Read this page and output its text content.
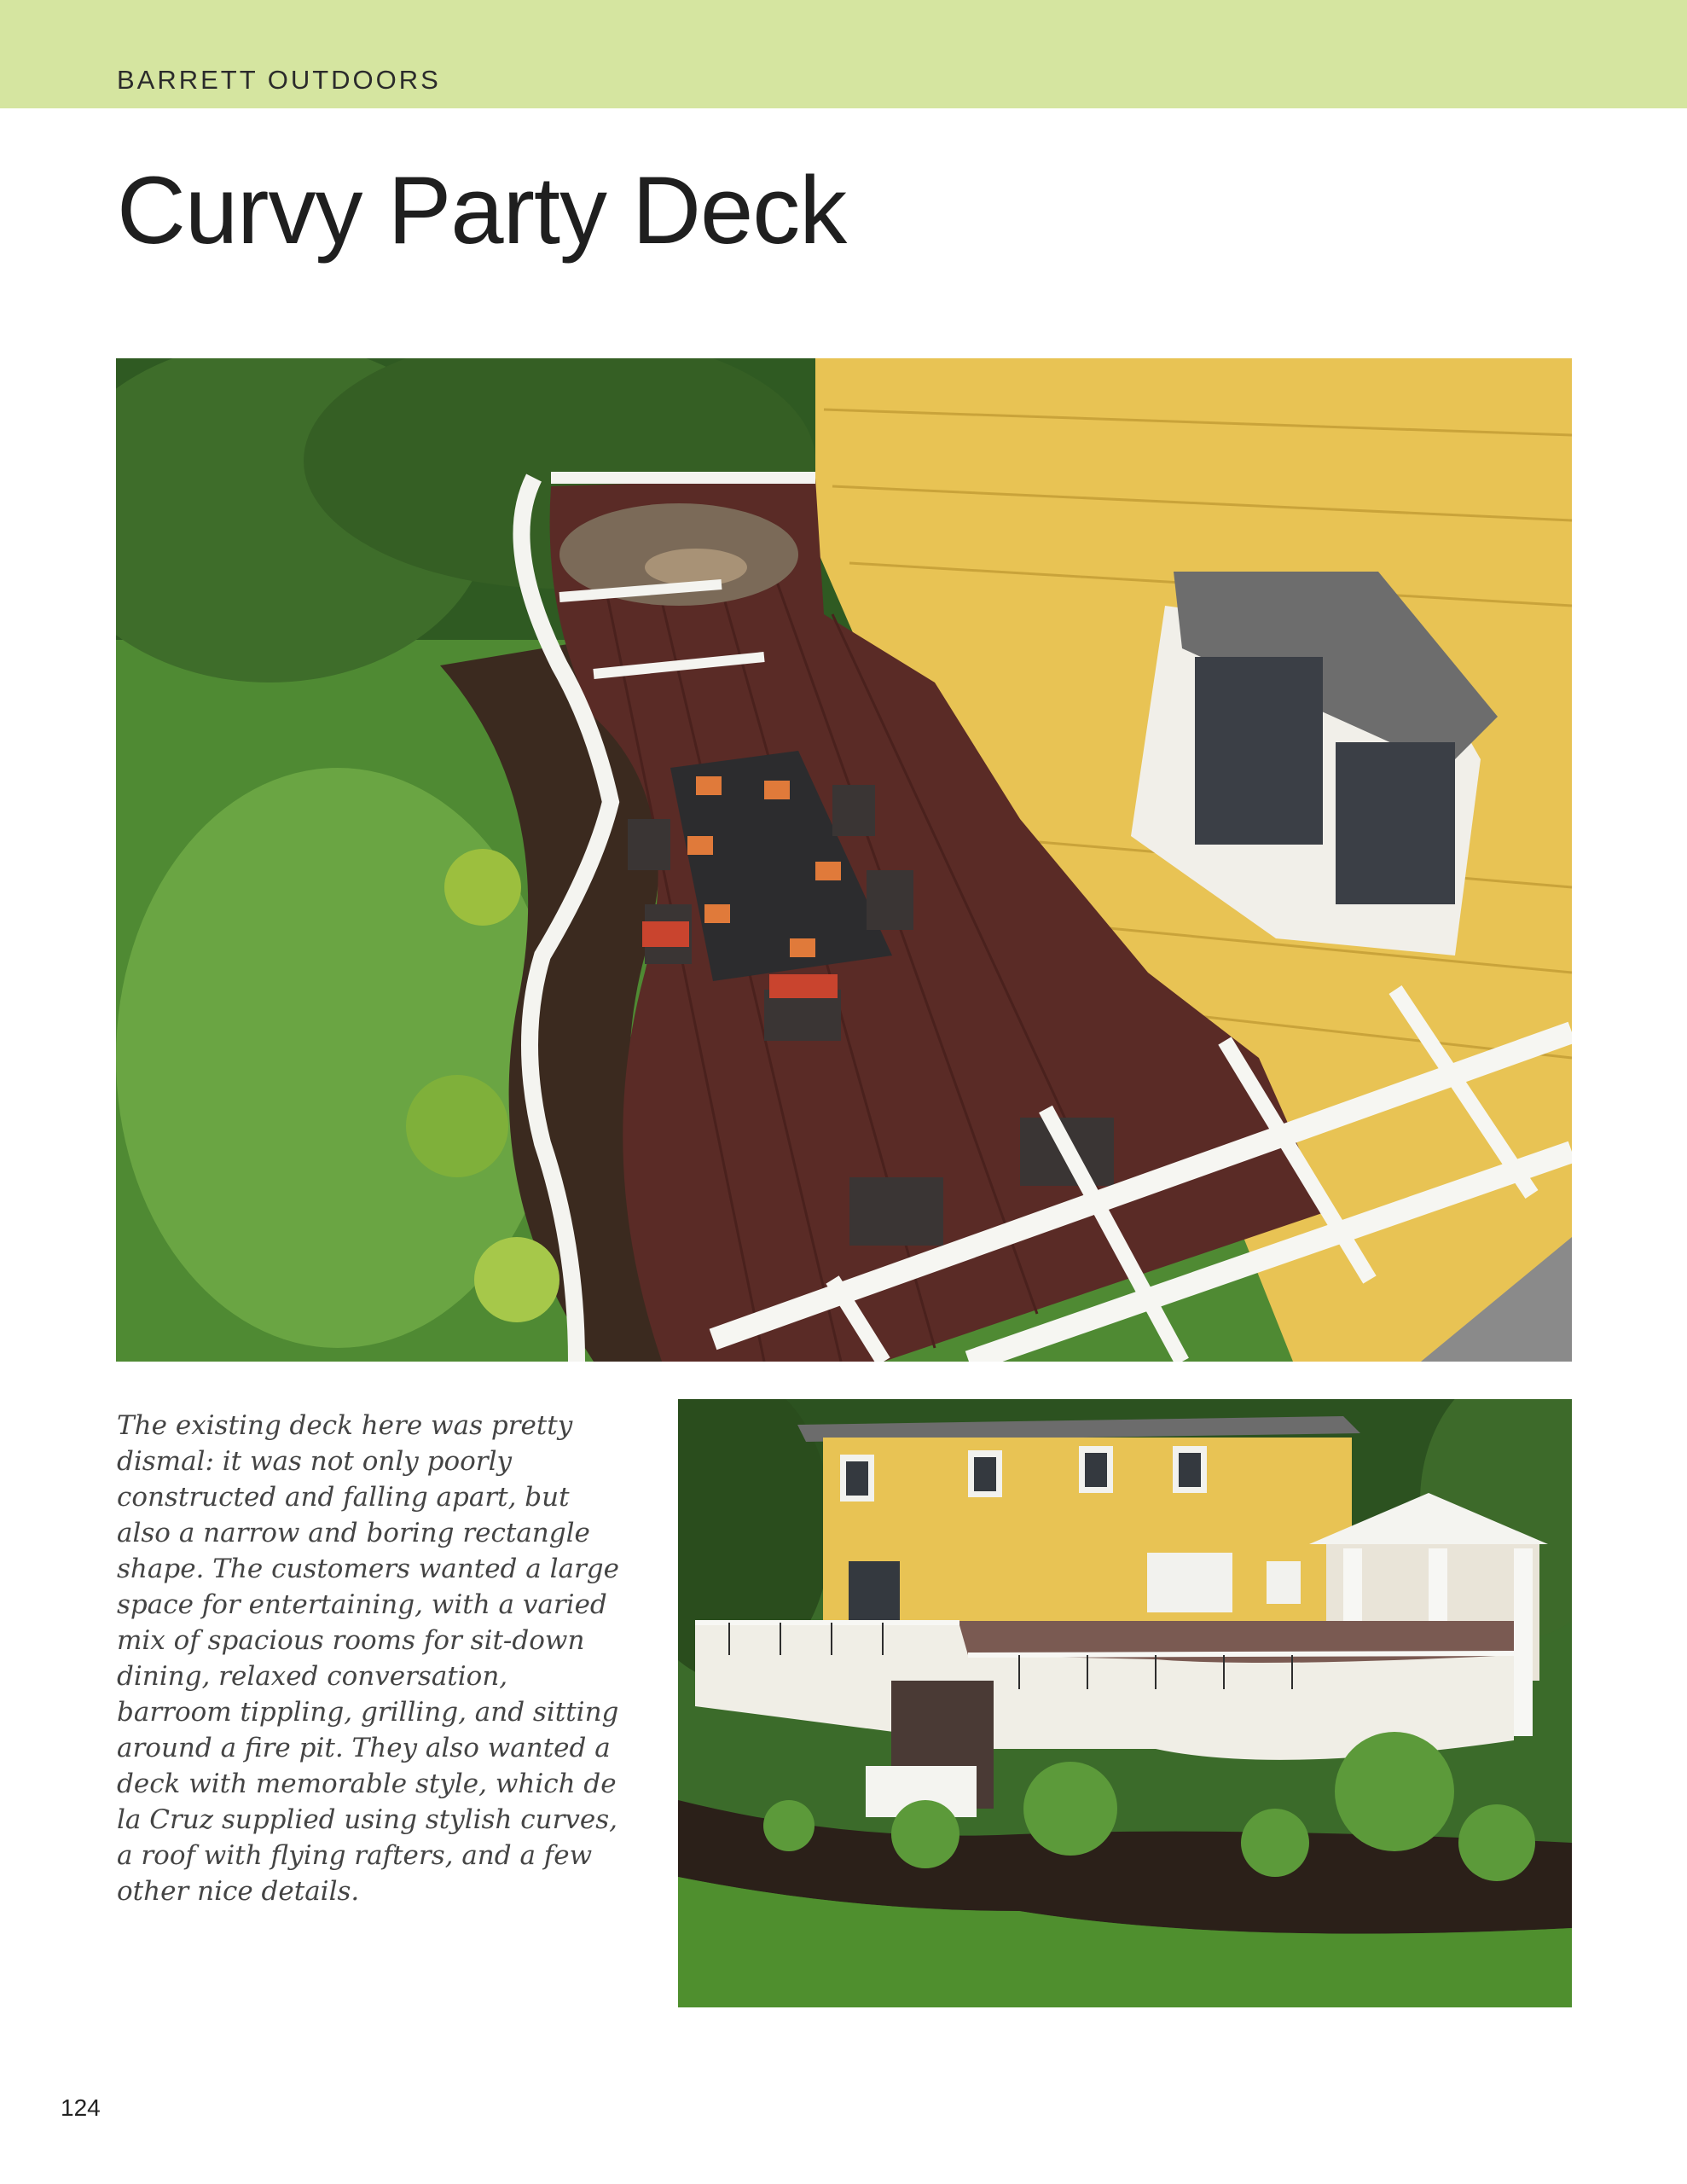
BARRETT OUTDOORS
Curvy Party Deck

The existing deck here was pretty dismal: it was not only poorly constructed and falling apart, but also a narrow and boring rectangle shape. The customers wanted a large space for entertaining, with a varied mix of spacious rooms for sit-down dining, relaxed conversation, barroom tippling, grilling, and sitting around a fire pit. They also wanted a deck with memorable style, which de la Cruz supplied using stylish curves, a roof with flying rafters, and a few other nice details.

124
